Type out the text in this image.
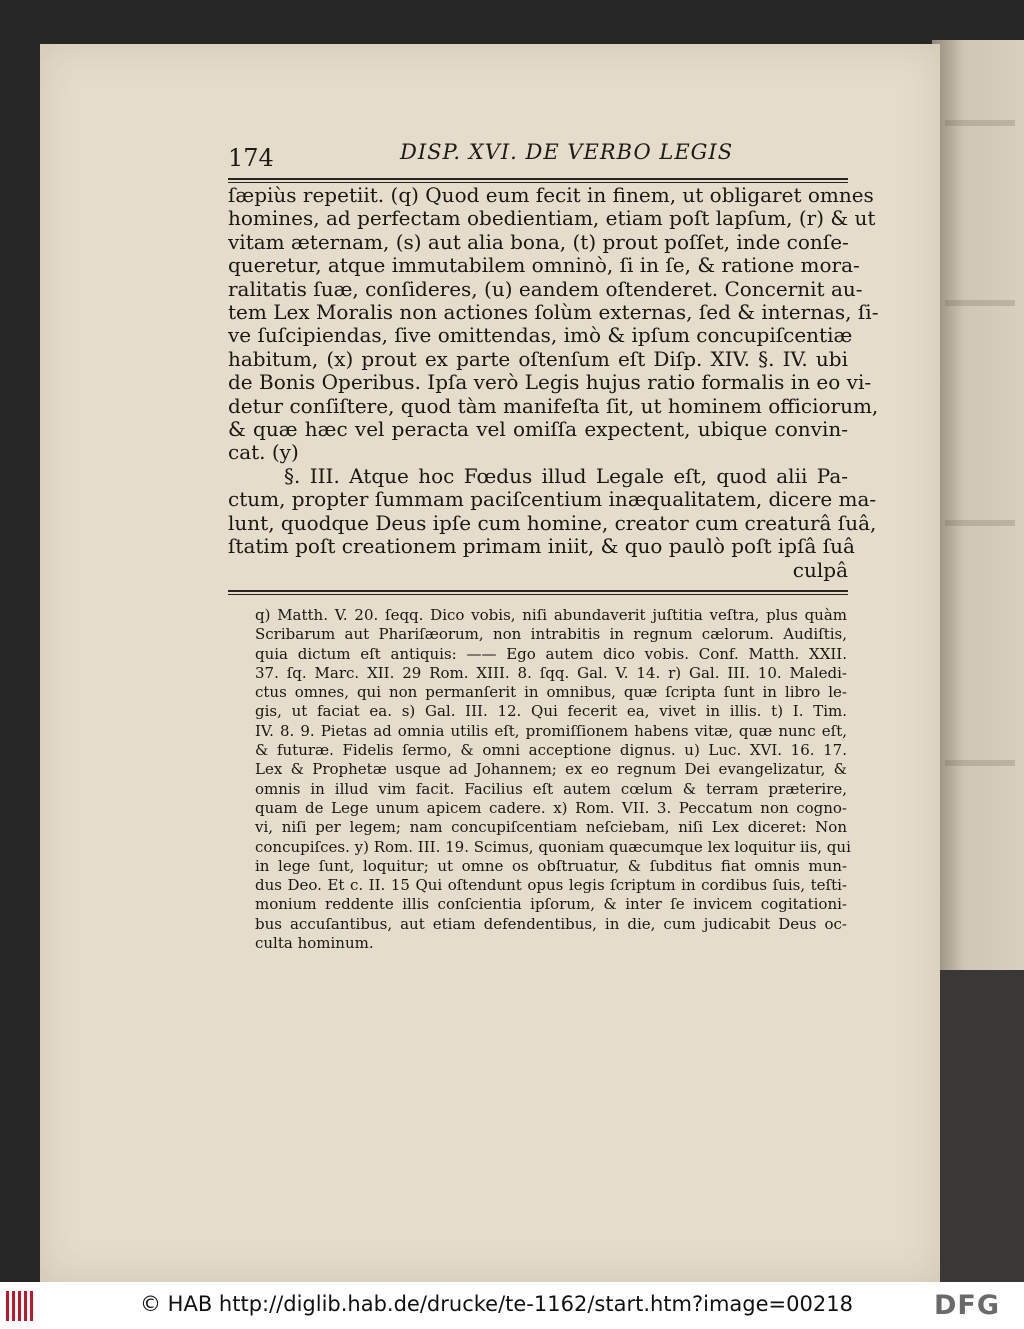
174	DISP. XVI. DE VERBO LEGIS
ſæpiùs repetiit. (q) Quod eum fecit in finem, ut obligaret omnes
homines, ad perfectam obedientiam, etiam poſt lapſum, (r) & ut
vitam æternam, (s) aut alia bona, (t) prout poſſet, inde conſe-
queretur, atque immutabilem omninò, ſi in ſe, & ratione mora-
ralitatis ſuæ, conſideres, (u) eandem oſtenderet. Concernit au-
tem Lex Moralis non actiones ſolùm externas, ſed & internas, ſi-
ve ſuſcipiendas, ſive omittendas, imò & ipſum concupiſcentiæ
habitum, (x) prout ex parte oſtenſum eſt Diſp. XIV. §. IV. ubi
de Bonis Operibus. Ipſa verò Legis hujus ratio formalis in eo vi-
detur conſiſtere, quod tàm manifeſta ſit, ut hominem officiorum,
& quæ hæc vel peracta vel omiſſa expectent, ubique convin-
cat. (y)
§. III. Atque hoc Fœdus illud Legale eſt, quod alii Pa-
ctum, propter ſummam paciſcentium inæqualitatem, dicere ma-
lunt, quodque Deus ipſe cum homine, creator cum creaturâ ſuâ,
ſtatim poſt creationem primam iniit, & quo paulò poſt ipſâ ſuâ
culpâ
q) Matth. V. 20. ſeqq. Dico vobis, niſi abundaverit juſtitia veſtra, plus quàm
Scribarum aut Phariſæorum, non intrabitis in regnum cælorum. Audiſtis,
quia dictum eſt antiquis: —— Ego autem dico vobis. Conf. Matth. XXII.
37. ſq. Marc. XII. 29 Rom. XIII. 8. ſqq. Gal. V. 14. r) Gal. III. 10. Maledi-
ctus omnes, qui non permanſerit in omnibus, quæ ſcripta ſunt in libro le-
gis, ut faciat ea. s) Gal. III. 12. Qui fecerit ea, vivet in illis. t) I. Tim.
IV. 8. 9. Pietas ad omnia utilis eſt, promiſſionem habens vitæ, quæ nunc eſt,
& futuræ. Fidelis ſermo, & omni acceptione dignus. u) Luc. XVI. 16. 17.
Lex & Prophetæ usque ad Johannem; ex eo regnum Dei evangelizatur, &
omnis in illud vim facit. Facilius eſt autem cœlum & terram præterire,
quam de Lege unum apicem cadere. x) Rom. VII. 3. Peccatum non cogno-
vi, niſi per legem; nam concupiſcentiam neſciebam, niſi Lex diceret: Non
concupiſces. y) Rom. III. 19. Scimus, quoniam quæcumque lex loquitur iis, qui
in lege ſunt, loquitur; ut omne os obſtruatur, & ſubditus fiat omnis mun-
dus Deo. Et c. II. 15 Qui oſtendunt opus legis ſcriptum in cordibus ſuis, teſti-
monium reddente illis conſcientia ipſorum, & inter ſe invicem cogitationi-
bus accuſantibus, aut etiam defendentibus, in die, cum judicabit Deus oc-
culta hominum.
© HAB http://diglib.hab.de/drucke/te-1162/start.htm?image=00218	DFG
